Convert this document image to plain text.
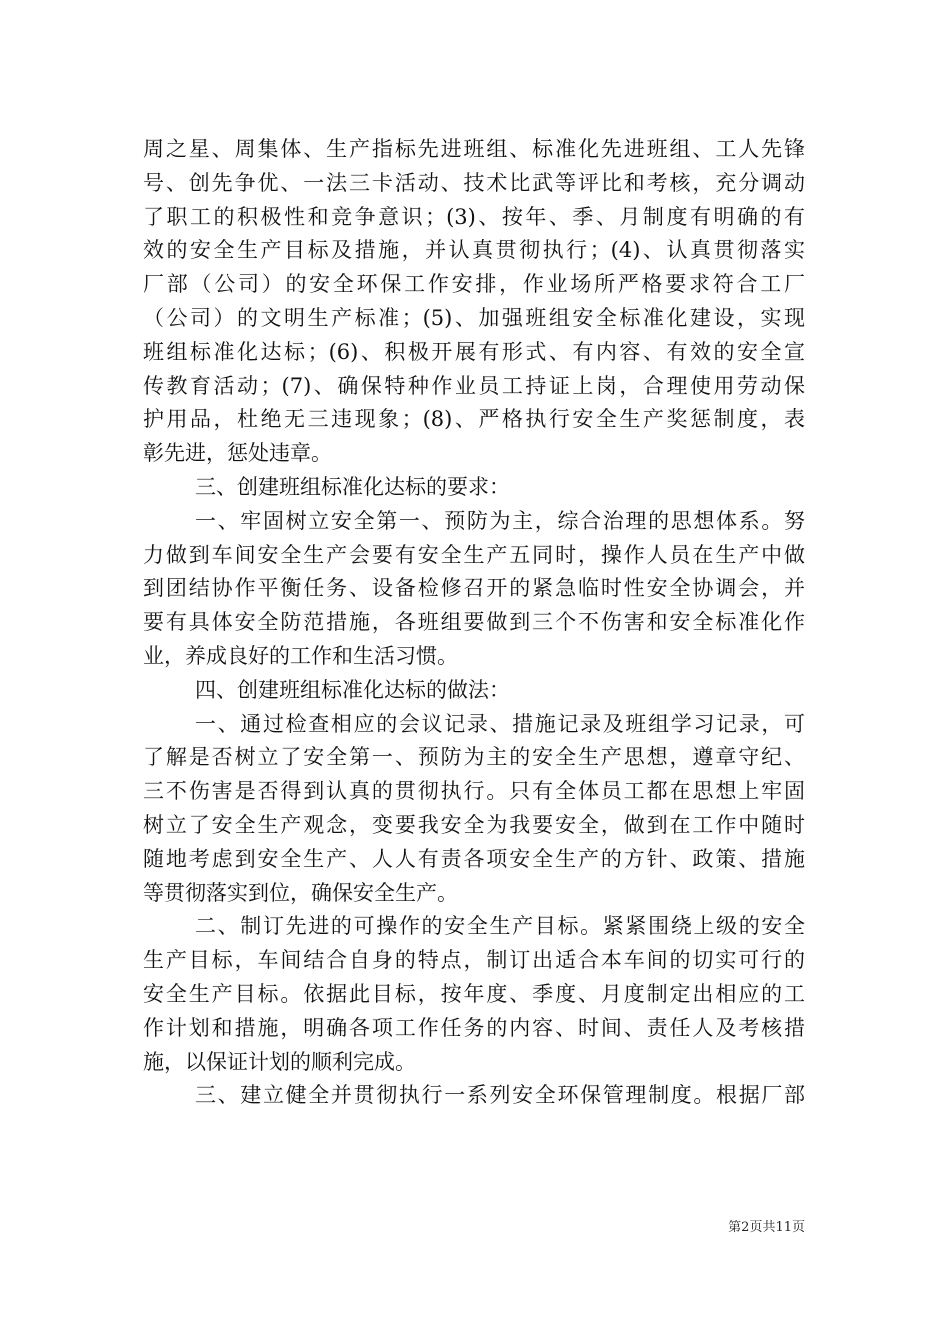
周之星、周集体、生产指标先进班组、标准化先进班组、工人先锋
号、创先争优、一法三卡活动、技术比武等评比和考核，充分调动
了职工的积极性和竞争意识；(3)、按年、季、月制度有明确的有
效的安全生产目标及措施，并认真贯彻执行；(4)、认真贯彻落实
厂部（公司）的安全环保工作安排，作业场所严格要求符合工厂
（公司）的文明生产标准；(5)、加强班组安全标准化建设，实现
班组标准化达标；(6)、积极开展有形式、有内容、有效的安全宣
传教育活动；(7)、确保特种作业员工持证上岗，合理使用劳动保
护用品，杜绝无三违现象；(8)、严格执行安全生产奖惩制度，表
彰先进，惩处违章。
三、创建班组标准化达标的要求：
一、牢固树立安全第一、预防为主，综合治理的思想体系。努
力做到车间安全生产会要有安全生产五同时，操作人员在生产中做
到团结协作平衡任务、设备检修召开的紧急临时性安全协调会，并
要有具体安全防范措施，各班组要做到三个不伤害和安全标准化作
业，养成良好的工作和生活习惯。
四、创建班组标准化达标的做法：
一、通过检查相应的会议记录、措施记录及班组学习记录，可
了解是否树立了安全第一、预防为主的安全生产思想，遵章守纪、
三不伤害是否得到认真的贯彻执行。只有全体员工都在思想上牢固
树立了安全生产观念，变要我安全为我要安全，做到在工作中随时
随地考虑到安全生产、人人有责各项安全生产的方针、政策、措施
等贯彻落实到位，确保安全生产。
二、制订先进的可操作的安全生产目标。紧紧围绕上级的安全
生产目标，车间结合自身的特点，制订出适合本车间的切实可行的
安全生产目标。依据此目标，按年度、季度、月度制定出相应的工
作计划和措施，明确各项工作任务的内容、时间、责任人及考核措
施，以保证计划的顺利完成。
三、建立健全并贯彻执行一系列安全环保管理制度。根据厂部
第2页共11页
